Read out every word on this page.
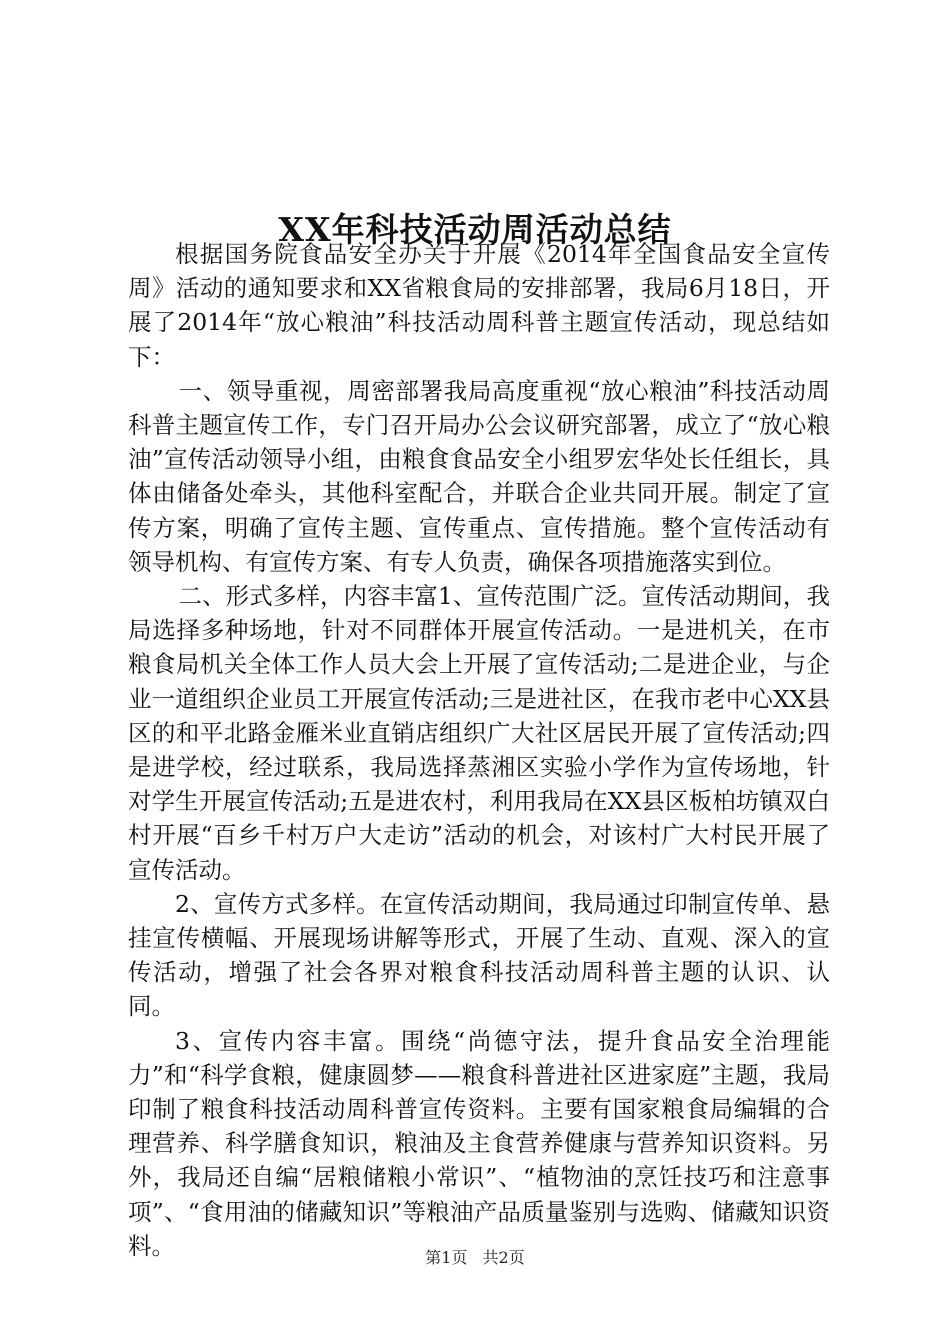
XX年科技活动周活动总结

根据国务院食品安全办关于开展《2014年全国食品安全宣传周》活动的通知要求和XX省粮食局的安排部署，我局6月18日，开展了2014年“放心粮油”科技活动周科普主题宣传活动，现总结如下：

一、领导重视，周密部署我局高度重视“放心粮油”科技活动周科普主题宣传工作，专门召开局办公会议研究部署，成立了“放心粮油”宣传活动领导小组，由粮食食品安全小组罗宏华处长任组长，具体由储备处牵头，其他科室配合，并联合企业共同开展。制定了宣传方案，明确了宣传主题、宣传重点、宣传措施。整个宣传活动有领导机构、有宣传方案、有专人负责，确保各项措施落实到位。

二、形式多样，内容丰富1、宣传范围广泛。宣传活动期间，我局选择多种场地，针对不同群体开展宣传活动。一是进机关，在市粮食局机关全体工作人员大会上开展了宣传活动;二是进企业，与企业一道组织企业员工开展宣传活动;三是进社区，在我市老中心XX县区的和平北路金雁米业直销店组织广大社区居民开展了宣传活动;四是进学校，经过联系，我局选择蒸湘区实验小学作为宣传场地，针对学生开展宣传活动;五是进农村，利用我局在XX县区板柏坊镇双白村开展“百乡千村万户大走访”活动的机会，对该村广大村民开展了宣传活动。

2、宣传方式多样。在宣传活动期间，我局通过印制宣传单、悬挂宣传横幅、开展现场讲解等形式，开展了生动、直观、深入的宣传活动，增强了社会各界对粮食科技活动周科普主题的认识、认同。

3、宣传内容丰富。围绕“尚德守法，提升食品安全治理能力”和“科学食粮，健康圆梦——粮食科普进社区进家庭”主题，我局印制了粮食科技活动周科普宣传资料。主要有国家粮食局编辑的合理营养、科学膳食知识，粮油及主食营养健康与营养知识资料。另外，我局还自编“居粮储粮小常识”、“植物油的烹饪技巧和注意事项”、“食用油的储藏知识”等粮油产品质量鉴别与选购、储藏知识资料。	第1页 共2页
